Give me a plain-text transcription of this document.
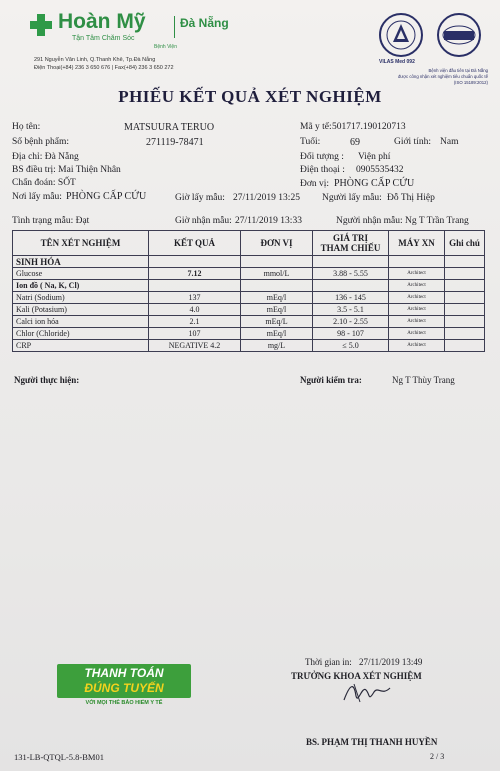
Hoàn Mỹ	Đà Nẵng
Tận Tâm Chăm Sóc
Bệnh Viện
291 Nguyễn Văn Linh, Q.Thanh Khê, Tp.Đà Nẵng
Điện Thoại(+84) 236 3 650 676 | Fax(+84) 236 3 650 272
VILAS Med 092
Bệnh viện đầu tiên tại Đà Nẵng
được công nhận xét nghiệm tiêu chuẩn quốc tế
(ISO 15189:2012)
PHIẾU KẾT QUẢ XÉT NGHIỆM
Họ tên:	MATSUURA TERUO
Số bệnh phẩm:	271119-78471
Địa chỉ: Đà Nẵng
BS điều trị: Mai Thiện Nhân
Chẩn đoán: SỐT
Nơi lấy mẫu: PHÒNG CẤP CỨU
Tình trạng mẫu: Đạt
Mã y tế: 501717.190120713
Tuổi:	69	Giới tính: Nam
Đối tượng : Viện phí
Điện thoại : 0905535432
Đơn vị: PHÒNG CẤP CỨU
Giờ lấy mẫu: 27/11/2019 13:25 Người lấy mẫu: Đỗ Thị Hiệp
Giờ nhận mẫu: 27/11/2019 13:33	Người nhận mẫu: Ng T Trần Trang
TÊN XÉT NGHIỆM	KẾT QUẢ	ĐƠN VỊ	GIÁ TRỊ
THAM CHIẾU	MÁY XN	Ghi chú
SINH HÓA					
Glucose	7.12	mmol/L	3.88 - 5.55	Architect	
Ion đồ ( Na, K, Cl)				Architect	
Natri (Sodium)	137	mEq/l	136 - 145	Architect	
Kali (Potasium)	4.0	mEq/l	3.5 - 5.1	Architect	
Calci ion hóa	2.1	mEq/L	2.10 - 2.55	Architect	
Chlor (Chloride)	107	mEq/l	98 - 107	Architect	
CRP	NEGATIVE 4.2	mg/L	≤ 5.0	Architect	
Người thực hiện:	Người kiểm tra:	Ng T Thùy Trang
Thời gian in: 27/11/2019 13:49
TRƯỞNG KHOA XÉT NGHIỆM
BS. PHẠM THỊ THANH HUYỀN
131-LB-QTQL-5.8-BM01	2 / 3
THANH TOÁN
ĐÚNG TUYẾN
VỚI MỌI THẺ BẢO HIỂM Y TẾ
